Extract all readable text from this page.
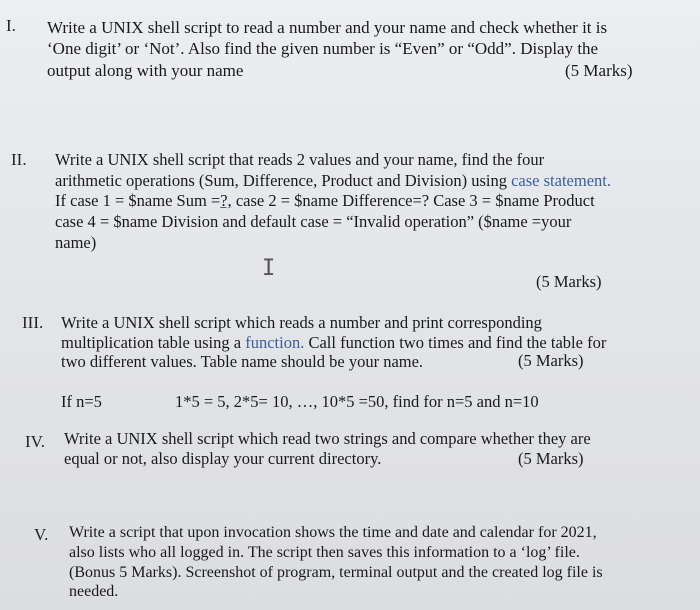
I. Write a UNIX shell script to read a number and your name and check whether it is
‘One digit’ or ‘Not’. Also find the given number is “Even” or “Odd”. Display the
output along with your name	(5 Marks)
II. Write a UNIX shell script that reads 2 values and your name, find the four
arithmetic operations (Sum, Difference, Product and Division) using case statement.
If case 1 = $name Sum =?, case 2 = $name Difference=? Case 3 = $name Product
case 4 = $name Division and default case = “Invalid operation” ($name =your
name)
I
(5 Marks)
III. Write a UNIX shell script which reads a number and print corresponding
multiplication table using a function. Call function two times and find the table for
two different values. Table name should be your name.	(5 Marks)
If n=5	1*5 = 5, 2*5= 10, …, 10*5 =50, find for n=5 and n=10
IV. Write a UNIX shell script which read two strings and compare whether they are
equal or not, also display your current directory.	(5 Marks)
V. Write a script that upon invocation shows the time and date and calendar for 2021,
also lists who all logged in. The script then saves this information to a ‘log’ file.
(Bonus 5 Marks). Screenshot of program, terminal output and the created log file is
needed.
